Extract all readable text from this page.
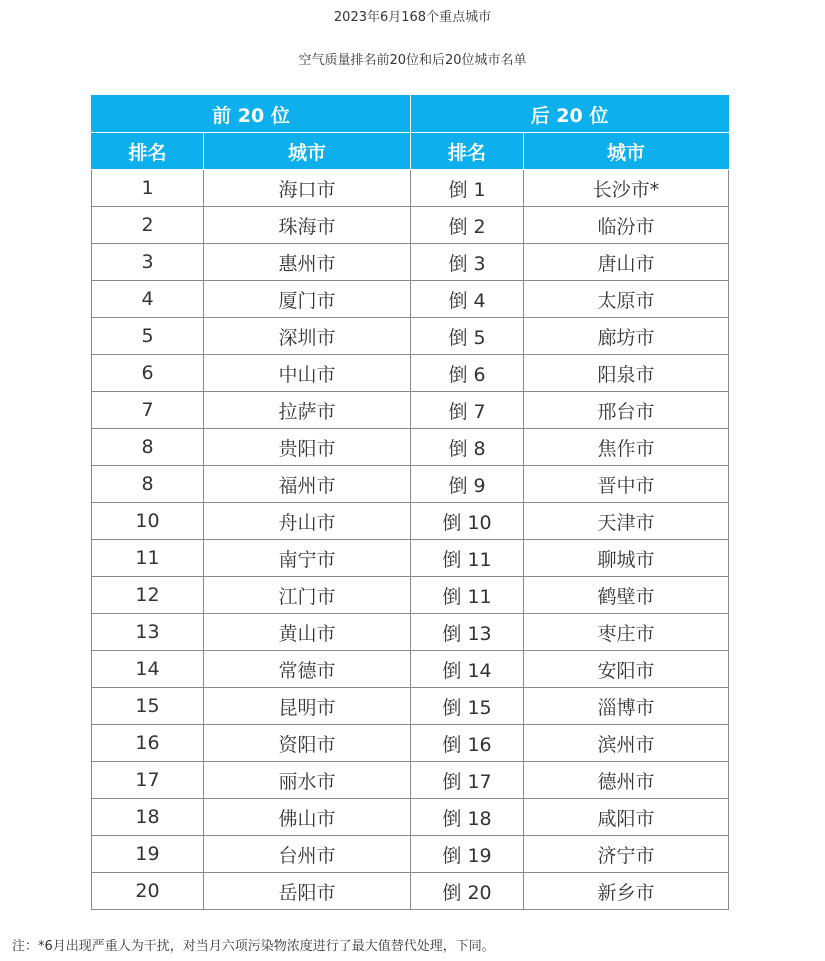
2023年6月168个重点城市
空气质量排名前20位和后20位城市名单
前 20 位		后 20 位	
排名	城市	排名	城市
1	海口市	倒 1	长沙市*
2	珠海市	倒 2	临汾市
3	惠州市	倒 3	唐山市
4	厦门市	倒 4	太原市
5	深圳市	倒 5	廊坊市
6	中山市	倒 6	阳泉市
7	拉萨市	倒 7	邢台市
8	贵阳市	倒 8	焦作市
8	福州市	倒 9	晋中市
10	舟山市	倒 10	天津市
11	南宁市	倒 11	聊城市
12	江门市	倒 11	鹤壁市
13	黄山市	倒 13	枣庄市
14	常德市	倒 14	安阳市
15	昆明市	倒 15	淄博市
16	资阳市	倒 16	滨州市
17	丽水市	倒 17	德州市
18	佛山市	倒 18	咸阳市
19	台州市	倒 19	济宁市
20	岳阳市	倒 20	新乡市
注：*6月出现严重人为干扰，对当月六项污染物浓度进行了最大值替代处理，下同。
